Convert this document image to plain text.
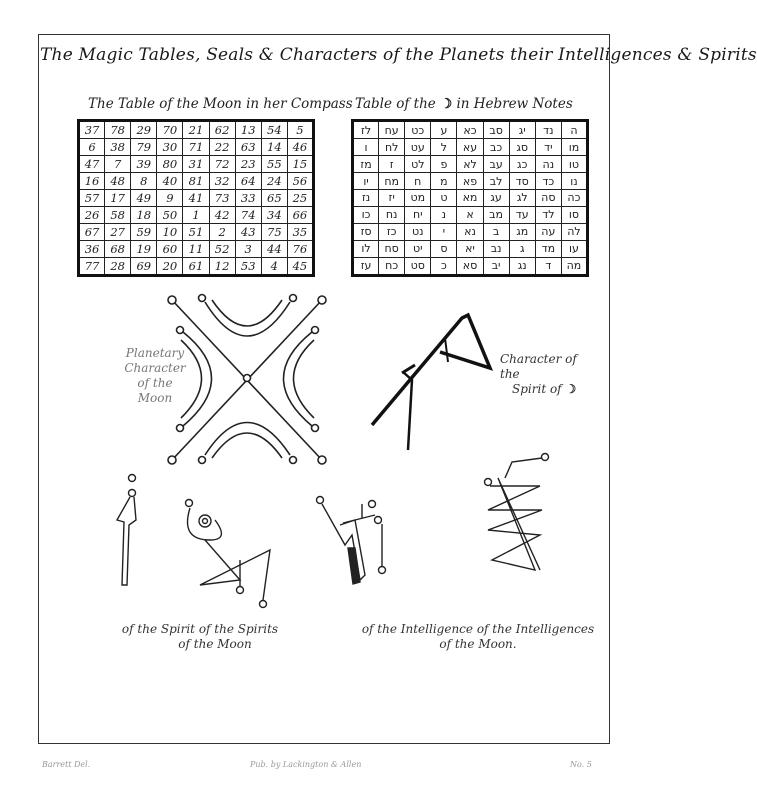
The Magic Tables, Seals & Characters of the Planets their Intelligences & Spirits
The Table of the Moon in her Compass Table of the ☽ in Hebrew Notes
37	78	29	70	21	62	13	54	5
6	38	79	30	71	22	63	14	46
47	7	39	80	31	72	23	55	15
16	48	8	40	81	32	64	24	56
57	17	49	9	41	73	33	65	25
26	58	18	50	1	42	74	34	66
67	27	59	10	51	2	43	75	35
36	68	19	60	11	52	3	44	76
77	28	69	20	61	12	53	4	45
לז	עח	כט	ע	כא	סב	יג	נד	ה
ו	לח	עט	ל	עא	כב	סג	יד	מו
מז	ז	לט	פ	לא	עב	כג	נה	טו
יו	מח	ח	מ	פא	לב	סד	כד	נו
נז	יז	מט	ט	מא	עג	לג	סה	כה
כו	נח	יח	נ	א	מב	עד	לד	סו
סז	כז	נט	י	נא	ב	מג	עה	לה
לו	סח	יט	ס	יא	נב	ג	מד	עו
עז	כח	סט	כ	סא	יב	נג	ד	מה
Planetary
Character
of the Moon
Character of the
Spirit of ☽
of the Spirit of the Spirits
of the Moon
of the Intelligence of the Intelligences
of the Moon.
Barrett Del.	Pub. by Lackington & Allen	No. 5
